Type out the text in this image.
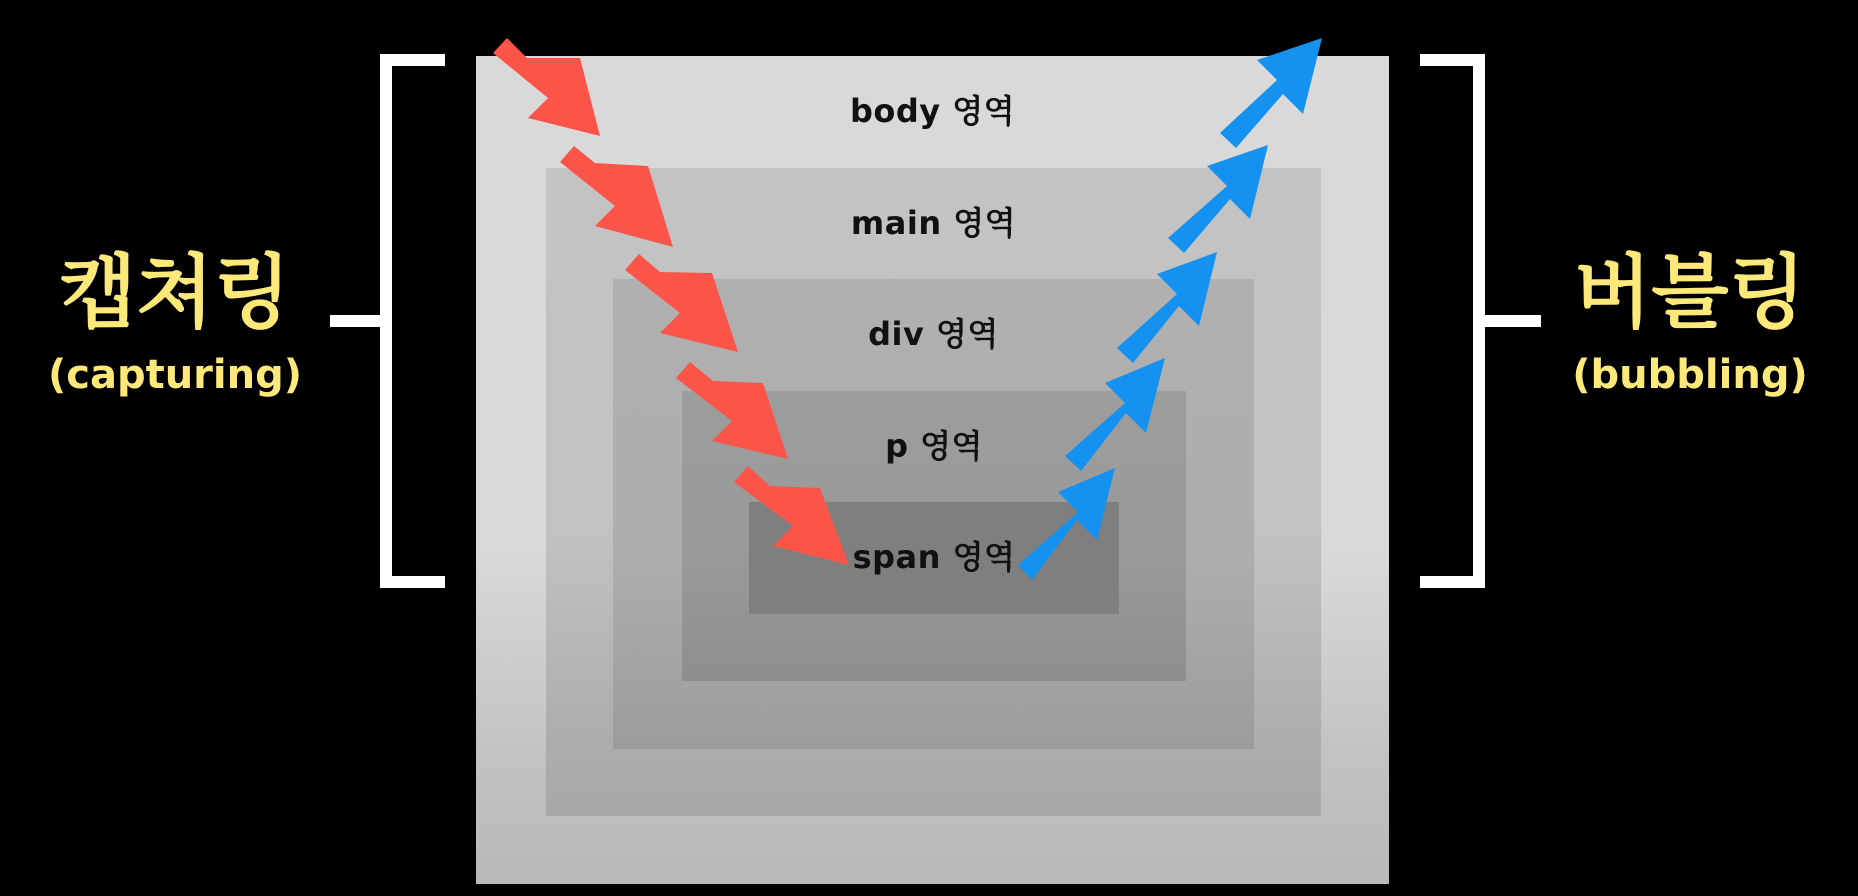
body 영역
main 영역
div 영역
p 영역
span 영역
캡쳐링
(capturing)
버블링
(bubbling)
